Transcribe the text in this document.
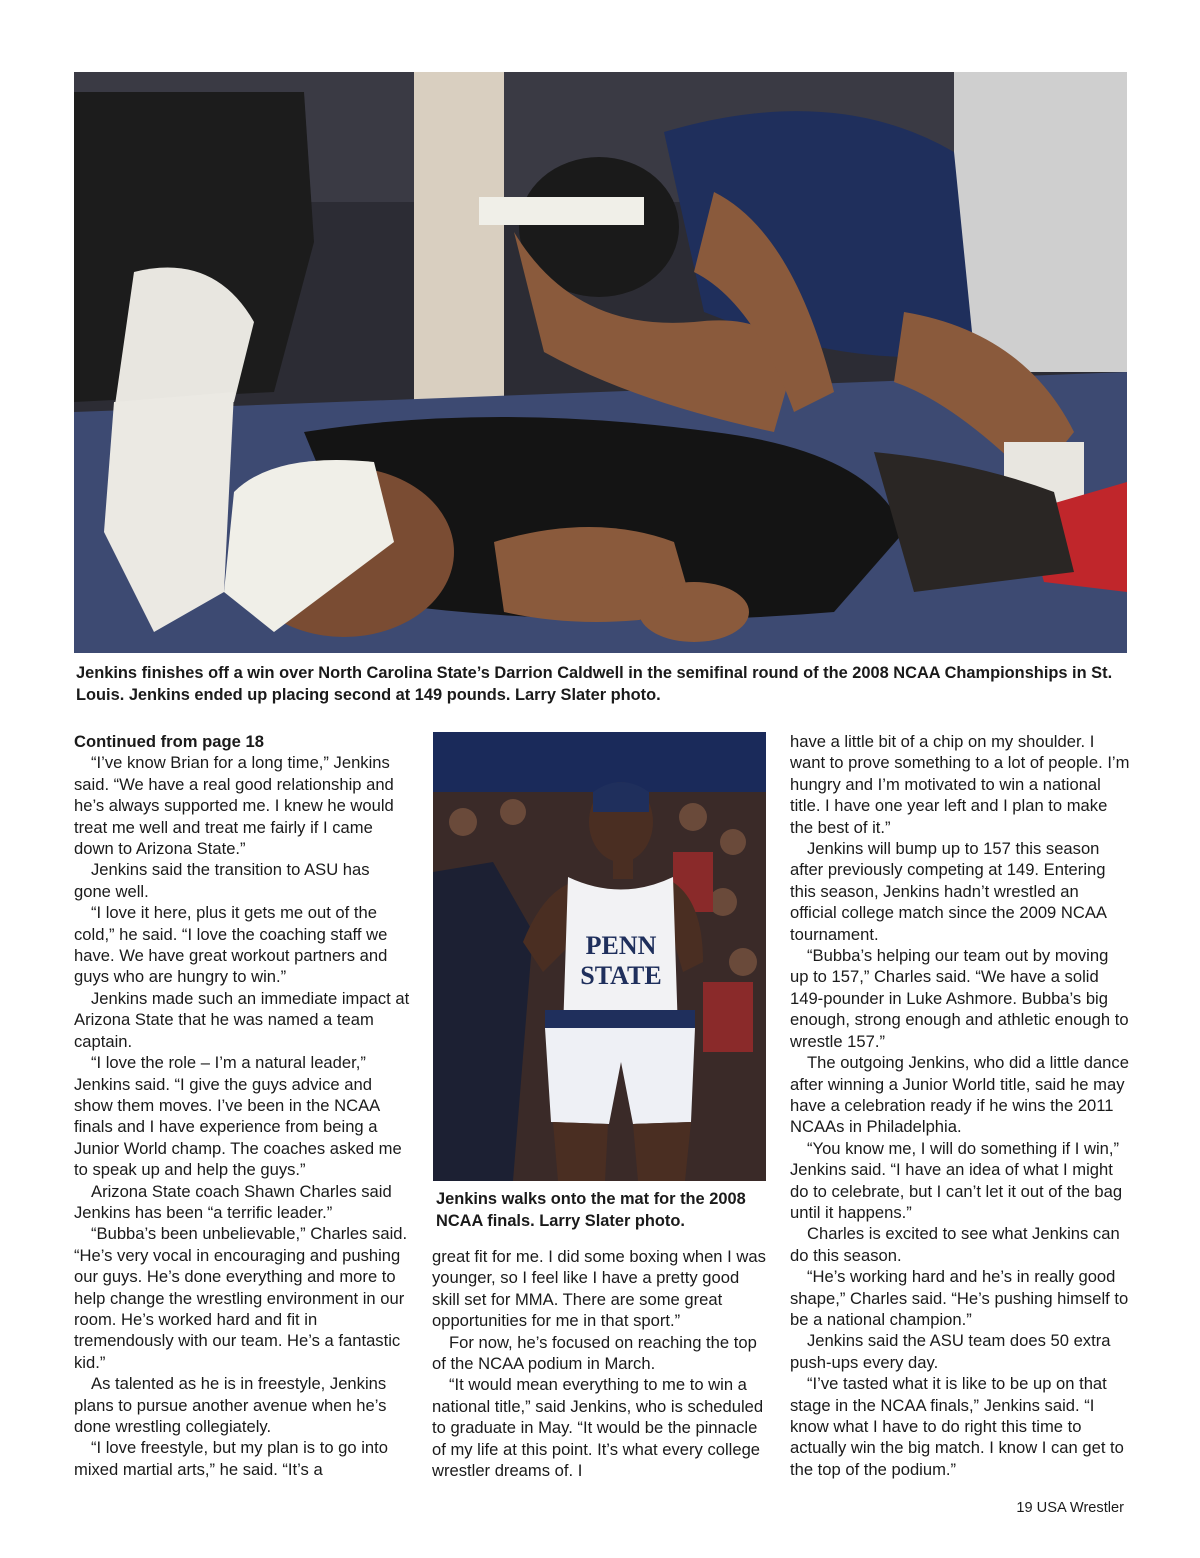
Jenkins finishes off a win over North Carolina State’s Darrion Caldwell in the semifinal round of the 2008 NCAA Championships in St. Louis. Jenkins ended up placing second at 149 pounds. Larry Slater photo.
PENN
STATE
Jenkins walks onto the mat for the 2008 NCAA finals. Larry Slater photo.
Continued from page 18

“I’ve know Brian for a long time,” Jenkins said. “We have a real good relationship and he’s always supported me. I knew he would treat me well and treat me fairly if I came down to Arizona State.”

Jenkins said the transition to ASU has gone well.

“I love it here, plus it gets me out of the cold,” he said. “I love the coaching staff we have. We have great workout partners and guys who are hungry to win.”

Jenkins made such an immediate impact at Arizona State that he was named a team captain.

“I love the role – I’m a natural leader,” Jenkins said. “I give the guys advice and show them moves. I’ve been in the NCAA finals and I have experience from being a Junior World champ. The coaches asked me to speak up and help the guys.”

Arizona State coach Shawn Charles said Jenkins has been “a terrific leader.”

“Bubba’s been unbelievable,” Charles said. “He’s very vocal in encouraging and pushing our guys. He’s done everything and more to help change the wrestling environment in our room. He’s worked hard and fit in tremendously with our team. He’s a fantastic kid.”

As talented as he is in freestyle, Jenkins plans to pursue another avenue when he’s done wrestling collegiately.

“I love freestyle, but my plan is to go into mixed martial arts,” he said. “It’s a

great fit for me. I did some boxing when I was younger, so I feel like I have a pretty good skill set for MMA. There are some great opportunities for me in that sport.”

For now, he’s focused on reaching the top of the NCAA podium in March.

“It would mean everything to me to win a national title,” said Jenkins, who is scheduled to graduate in May. “It would be the pinnacle of my life at this point. It’s what every college wrestler dreams of. I

have a little bit of a chip on my shoulder. I want to prove something to a lot of people. I’m hungry and I’m motivated to win a national title. I have one year left and I plan to make the best of it.”

Jenkins will bump up to 157 this season after previously competing at 149. Entering this season, Jenkins hadn’t wrestled an official college match since the 2009 NCAA tournament.

“Bubba’s helping our team out by moving up to 157,” Charles said. “We have a solid 149-pounder in Luke Ashmore. Bubba’s big enough, strong enough and athletic enough to wrestle 157.”

The outgoing Jenkins, who did a little dance after winning a Junior World title, said he may have a celebration ready if he wins the 2011 NCAAs in Philadelphia.

“You know me, I will do something if I win,” Jenkins said. “I have an idea of what I might do to celebrate, but I can’t let it out of the bag until it happens.”

Charles is excited to see what Jenkins can do this season.

“He’s working hard and he’s in really good shape,” Charles said. “He’s pushing himself to be a national champion.”

Jenkins said the ASU team does 50 extra push-ups every day.

“I’ve tasted what it is like to be up on that stage in the NCAA finals,” Jenkins said. “I know what I have to do right this time to actually win the big match. I know I can get to the top of the podium.”

19 USA Wrestler
